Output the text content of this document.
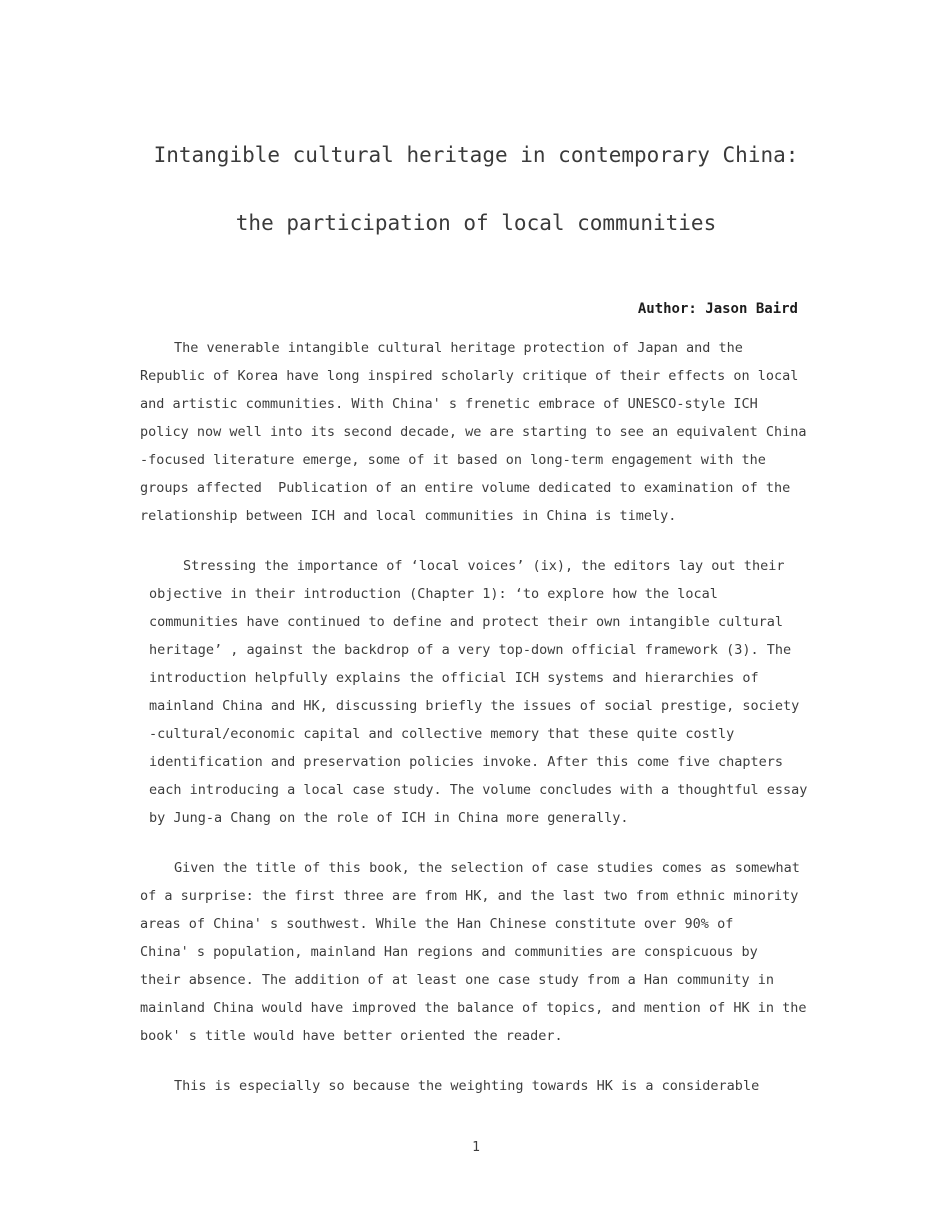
Intangible cultural heritage in contemporary China:
the participation of local communities
Author: Jason Baird
The venerable intangible cultural heritage protection of Japan and the
Republic of Korea have long inspired scholarly critique of their effects on local
and artistic communities. With China' s frenetic embrace of UNESCO-style ICH
policy now well into its second decade, we are starting to see an equivalent China
-focused literature emerge, some of it based on long-term engagement with the
groups affected  Publication of an entire volume dedicated to examination of the
relationship between ICH and local communities in China is timely.
Stressing the importance of ‘local voices’ (ix), the editors lay out their
objective in their introduction (Chapter 1): ‘to explore how the local
communities have continued to define and protect their own intangible cultural
heritage’ , against the backdrop of a very top-down official framework (3). The
introduction helpfully explains the official ICH systems and hierarchies of
mainland China and HK, discussing briefly the issues of social prestige, society
-cultural/economic capital and collective memory that these quite costly
identification and preservation policies invoke. After this come five chapters
each introducing a local case study. The volume concludes with a thoughtful essay
by Jung-a Chang on the role of ICH in China more generally.
Given the title of this book, the selection of case studies comes as somewhat
of a surprise: the first three are from HK, and the last two from ethnic minority
areas of China' s southwest. While the Han Chinese constitute over 90% of
China' s population, mainland Han regions and communities are conspicuous by
their absence. The addition of at least one case study from a Han community in
mainland China would have improved the balance of topics, and mention of HK in the
book' s title would have better oriented the reader.
This is especially so because the weighting towards HK is a considerable
1
